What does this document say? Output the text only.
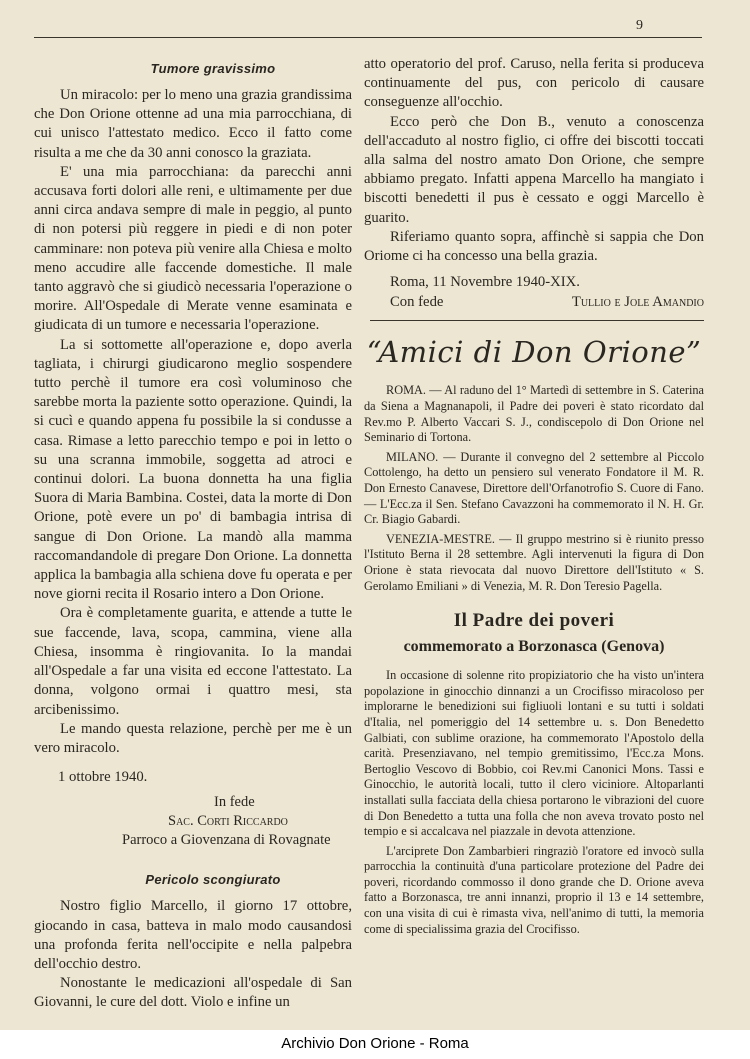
9
Tumore gravissimo

Un miracolo: per lo meno una grazia grandissima che Don Orione ottenne ad una mia parrocchiana, di cui unisco l'attestato medico. Ecco il fatto come risulta a me che da 30 anni conosco la graziata.

E' una mia parrocchiana: da parecchi anni accusava forti dolori alle reni, e ultimamente per due anni circa andava sempre di male in peggio, al punto di non potersi più reggere in piedi e di non poter camminare: non poteva più venire alla Chiesa e molto meno accudire alle faccende domestiche. Il male tanto aggravò che si giudicò necessaria l'operazione o morire. All'Ospedale di Merate venne esaminata e giudicata di un tumore e necessaria l'operazione.

La si sottomette all'operazione e, dopo averla tagliata, i chirurgi giudicarono meglio sospendere tutto perchè il tumore era così voluminoso che sarebbe morta la paziente sotto operazione. Quindi, la si cucì e quando appena fu possibile la si condusse a casa. Rimase a letto parecchio tempo e poi in letto o su una scranna immobile, soggetta ad atroci e continui dolori. La buona donnetta ha una figlia Suora di Maria Bambina. Costei, data la morte di Don Orione, potè evere un po' di bambagia intrisa di sangue di Don Orione. La mandò alla mamma raccomandandole di pregare Don Orione. La donnetta applica la bambagia alla schiena dove fu operata e per nove giorni recita il Rosario intero a Don Orione.

Ora è completamente guarita, e attende a tutte le sue faccende, lava, scopa, cammina, viene alla Chiesa, insomma è ringiovanita. Io la mandai all'Ospedale a far una visita ed eccone l'attestato. La donna, volgono ormai i quattro mesi, sta arcibenissimo.

Le mando questa relazione, perchè per me è un vero miracolo.

1 ottobre 1940.

In fede
Sac. Corti Riccardo
Parroco a Giovenzana di Rovagnate
Pericolo scongiurato

Nostro figlio Marcello, il giorno 17 ottobre, giocando in casa, batteva in malo modo causandosi una profonda ferita nell'occipite e nella palpebra dell'occhio destro.

Nonostante le medicazioni all'ospedale di San Giovanni, le cure del dott. Violo e infine un

atto operatorio del prof. Caruso, nella ferita si produceva continuamente del pus, con pericolo di causare conseguenze all'occhio.

Ecco però che Don B., venuto a conoscenza dell'accaduto al nostro figlio, ci offre dei biscotti toccati alla salma del nostro amato Don Orione, che sempre abbiamo pregato. Infatti appena Marcello ha mangiato i biscotti benedetti il pus è cessato e oggi Marcello è guarito.

Riferiamo quanto sopra, affinchè si sappia che Don Oriome ci ha concesso una bella grazia.

Roma, 11 Novembre 1940-XIX.

Con fede	Tullio e Jole Amandio
“Amici di Don Orione”

ROMA. — Al raduno del 1° Martedì di settembre in S. Caterina da Siena a Magnanapoli, il Padre dei poveri è stato ricordato dal Rev.mo P. Alberto Vaccari S. J., condiscepolo di Don Orione nel Seminario di Tortona.

MILANO. — Durante il convegno del 2 settembre al Piccolo Cottolengo, ha detto un pensiero sul venerato Fondatore il M. R. Don Ernesto Canavese, Direttore dell'Orfanotrofio S. Cuore di Fano. — L'Ecc.za il Sen. Stefano Cavazzoni ha commemorato il N. H. Gr. Cr. Biagio Gabardi.

VENEZIA-MESTRE. — Il gruppo mestrino si è riunito presso l'Istituto Berna il 28 settembre. Agli intervenuti la figura di Don Orione è stata rievocata dal nuovo Direttore dell'Istituto « S. Gerolamo Emiliani » di Venezia, M. R. Don Teresio Pagella.

Il Padre dei poveri
commemorato a Borzonasca (Genova)

In occasione di solenne rito propiziatorio che ha visto un'intera popolazione in ginocchio dinnanzi a un Crocifisso miracoloso per implorarne le benedizioni sui figliuoli lontani e su tutti i soldati d'Italia, nel pomeriggio del 14 settembre u. s. Don Benedetto Galbiati, con sublime orazione, ha commemorato l'Apostolo della carità. Presenziavano, nel tempio gremitissimo, l'Ecc.za Mons. Bertoglio Vescovo di Bobbio, coi Rev.mi Canonici Mons. Tassi e Ginocchio, le autorità locali, tutto il clero viciniore. Altoparlanti installati sulla facciata della chiesa portarono le vibrazioni del cuore di Don Benedetto a tutta una folla che non aveva trovato posto nel tempio e si accalcava nel piazzale in devota attenzione.

L'arciprete Don Zambarbieri ringraziò l'oratore ed invocò sulla parrocchia la continuità d'una particolare protezione del Padre dei poveri, ricordando commosso il dono grande che D. Orione aveva fatto a Borzonasca, tre anni innanzi, proprio il 13 e 14 settembre, con una visita di cui è rimasta viva, nell'animo di tutti, la memoria come di specialissima grazia del Crocifisso.

Archivio Don Orione - Roma
